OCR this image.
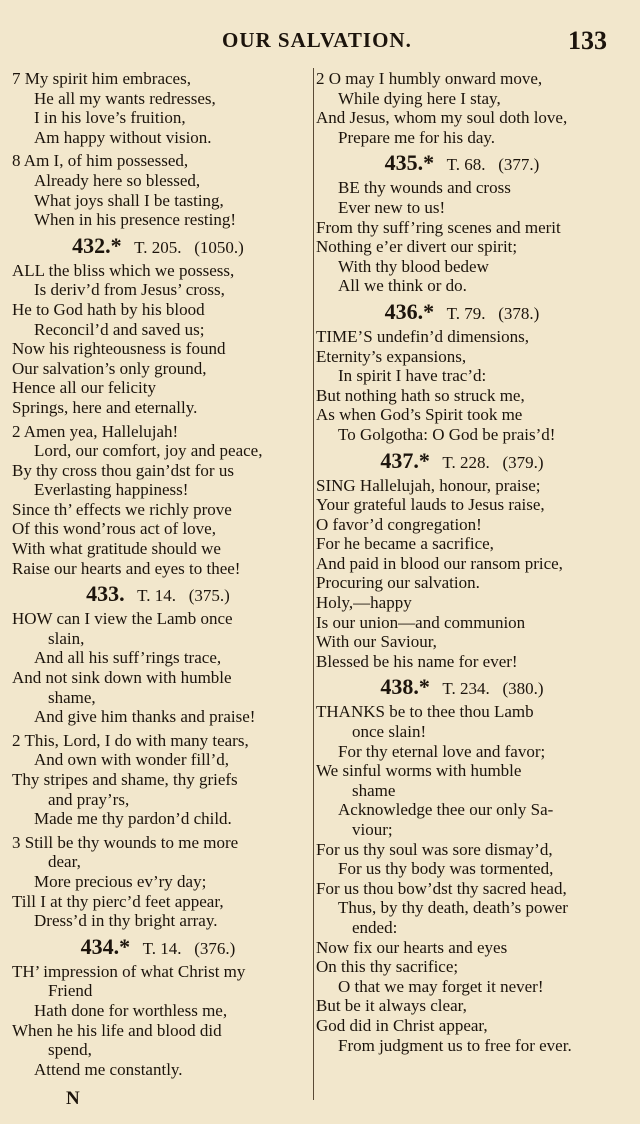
OUR SALVATION.	133
7 My spirit him embraces,
He all my wants redresses,
I in his love’s fruition,
Am happy without vision.
8 Am I, of him possessed,
Already here so blessed,
What joys shall I be tasting,
When in his presence resting!
432.* T. 205. (1050.)
ALL the bliss which we possess,
Is deriv’d from Jesus’ cross,
He to God hath by his blood
Reconcil’d and saved us;
Now his righteousness is found
Our salvation’s only ground,
Hence all our felicity
Springs, here and eternally.
2 Amen yea, Hallelujah!
Lord, our comfort, joy and peace,
By thy cross thou gain’dst for us
Everlasting happiness!
Since th’ effects we richly prove
Of this wond’rous act of love,
With what gratitude should we
Raise our hearts and eyes to thee!
433. T. 14. (375.)
HOW can I view the Lamb once
slain,
And all his suff’rings trace,
And not sink down with humble
shame,
And give him thanks and praise!
2 This, Lord, I do with many tears,
And own with wonder fill’d,
Thy stripes and shame, thy griefs
and pray’rs,
Made me thy pardon’d child.
3 Still be thy wounds to me more
dear,
More precious ev’ry day;
Till I at thy pierc’d feet appear,
Dress’d in thy bright array.
434.* T. 14. (376.)
TH’ impression of what Christ my
Friend
Hath done for worthless me,
When he his life and blood did
spend,
Attend me constantly.
2 O may I humbly onward move,
While dying here I stay,
And Jesus, whom my soul doth love,
Prepare me for his day.
435.* T. 68. (377.)
BE thy wounds and cross
Ever new to us!
From thy suff’ring scenes and merit
Nothing e’er divert our spirit;
With thy blood bedew
All we think or do.
436.* T. 79. (378.)
TIME’S undefin’d dimensions,
Eternity’s expansions,
In spirit I have trac’d:
But nothing hath so struck me,
As when God’s Spirit took me
To Golgotha: O God be prais’d!
437.* T. 228. (379.)
SING Hallelujah, honour, praise;
Your grateful lauds to Jesus raise,
O favor’d congregation!
For he became a sacrifice,
And paid in blood our ransom price,
Procuring our salvation.
Holy,—happy
Is our union—and communion
With our Saviour,
Blessed be his name for ever!
438.* T. 234. (380.)
THANKS be to thee thou Lamb
once slain!
For thy eternal love and favor;
We sinful worms with humble
shame
Acknowledge thee our only Sa-
viour;
For us thy soul was sore dismay’d,
For us thy body was tormented,
For us thou bow’dst thy sacred head,
Thus, by thy death, death’s power
ended:
Now fix our hearts and eyes
On this thy sacrifice;
O that we may forget it never!
But be it always clear,
God did in Christ appear,
From judgment us to free for ever.
N
